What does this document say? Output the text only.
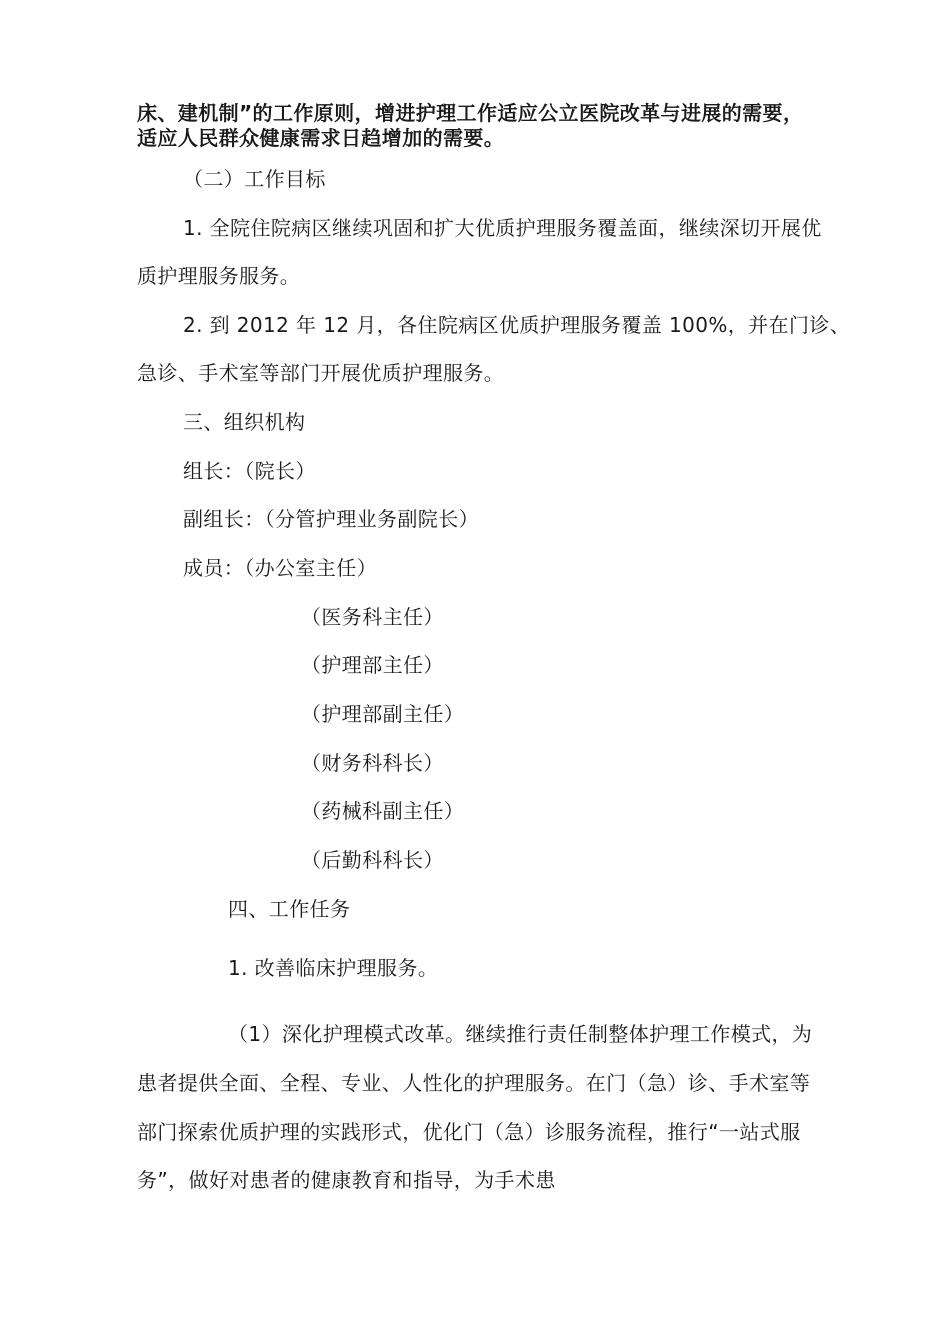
床、建机制”的工作原则，增进护理工作适应公立医院改革与进展的需要，
适应人民群众健康需求日趋增加的需要。
（二）工作目标
1. 全院住院病区继续巩固和扩大优质护理服务覆盖面，继续深切开展优
质护理服务服务。
2. 到 2012 年 12 月，各住院病区优质护理服务覆盖 100%，并在门诊、
急诊、手术室等部门开展优质护理服务。
三、组织机构
组长：（院长）
副组长：（分管护理业务副院长）
成员：（办公室主任）
（医务科主任）
（护理部主任）
（护理部副主任）
（财务科科长）
（药械科副主任）
（后勤科科长）
四、工作任务
1. 改善临床护理服务。
（1）深化护理模式改革。继续推行责任制整体护理工作模式，为
患者提供全面、全程、专业、人性化的护理服务。在门（急）诊、手术室等
部门探索优质护理的实践形式，优化门（急）诊服务流程，推行“一站式服
务”，做好对患者的健康教育和指导，为手术患
